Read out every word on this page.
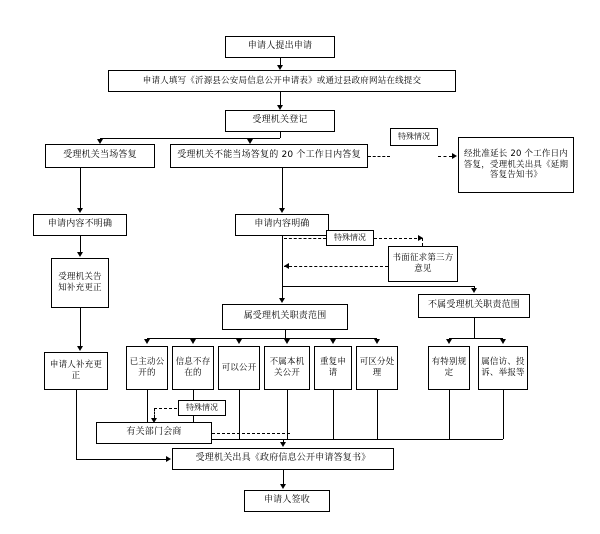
申请人提出申请
申请人填写《沂源县公安局信息公开申请表》或通过县政府网站在线提交
受理机关登记
受理机关当场答复	受理机关不能当场答复的 20 个工作日内答复	经批准延长 20 个工作日内答复，受理机关出具《延期答复告知书》
申请内容不明确	申请内容明确
受理机关告知补充更正
申请人补充更正
书面征求第三方意见
属受理机关职责范围
不属受理机关职责范围
已主动公开的
信息不存在的
可以公开
不属本机关公开
重复申请
可区分处理
有特别规定
属信访、投诉、举报等
有关部门会商
受理机关出具《政府信息公开申请答复书》
申请人签收
特殊情况
特殊情况
特殊情况
